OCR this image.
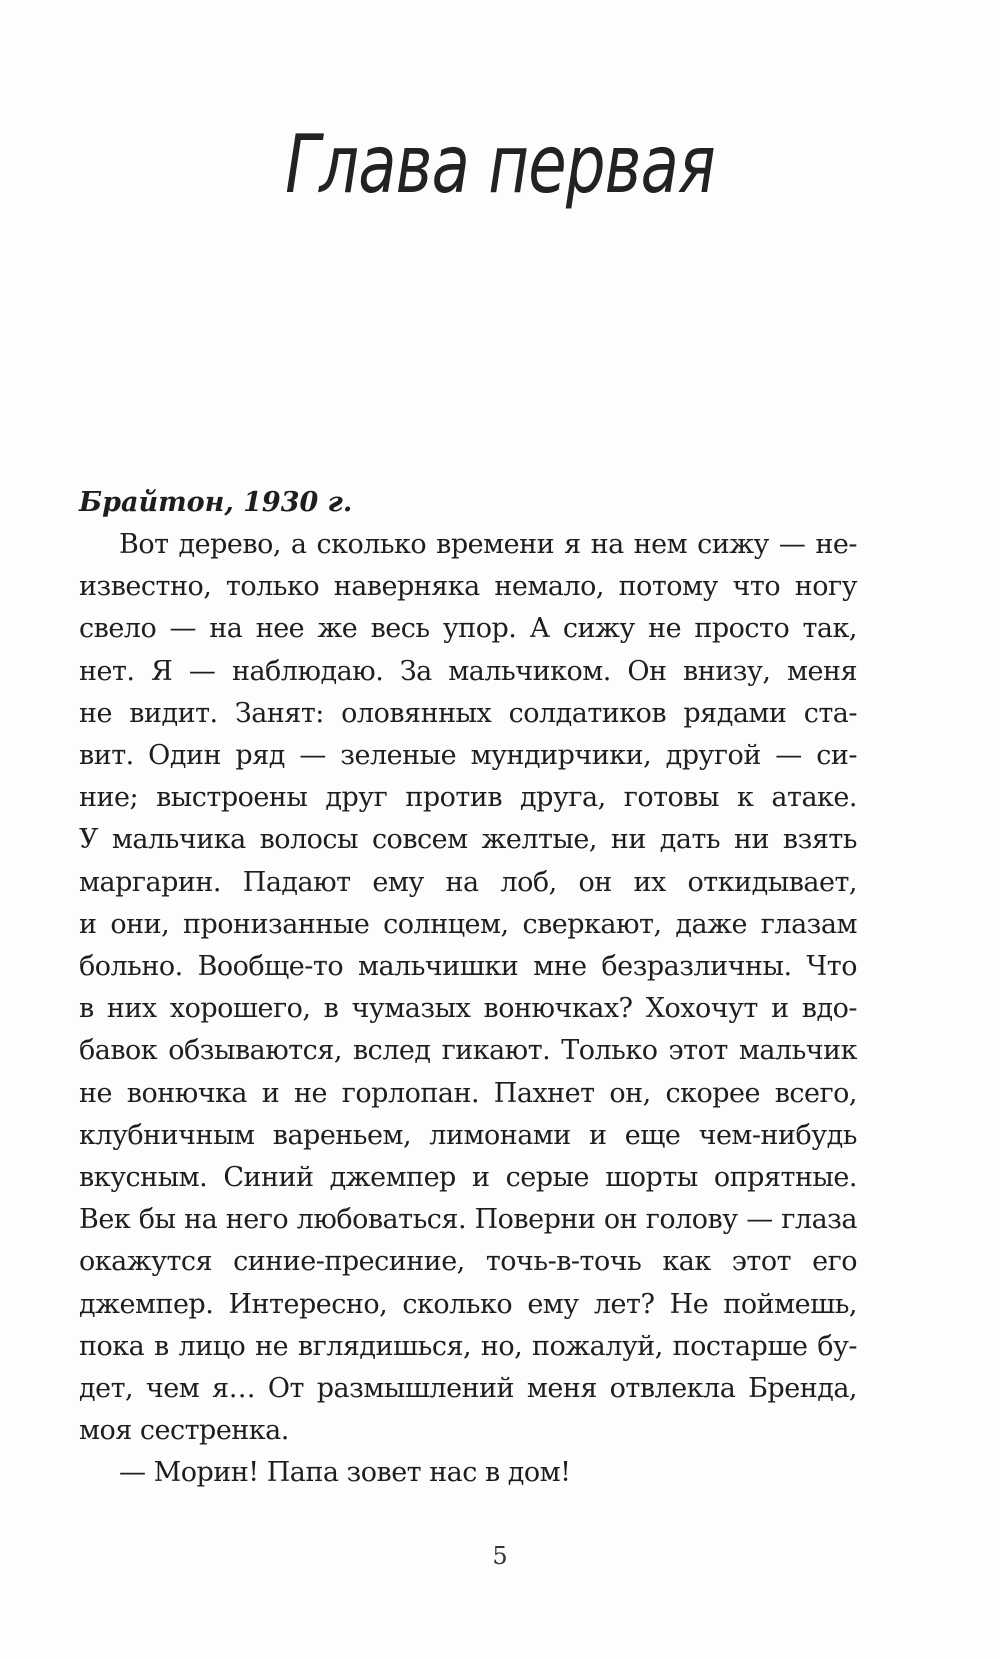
Глава первая
Брайтон, 1930 г.
Вот дерево, а сколько времени я на нем сижу — не-
известно, только наверняка немало, потому что ногу
свело — на нее же весь упор. А сижу не просто так,
нет. Я — наблюдаю. За мальчиком. Он внизу, меня
не видит. Занят: оловянных солдатиков рядами ста-
вит. Один ряд — зеленые мундирчики, другой — си-
ние; выстроены друг против друга, готовы к атаке.
У мальчика волосы совсем желтые, ни дать ни взять
маргарин. Падают ему на лоб, он их откидывает,
и они, пронизанные солнцем, сверкают, даже глазам
больно. Вообще-то мальчишки мне безразличны. Что
в них хорошего, в чумазых вонючках? Хохочут и вдо-
бавок обзываются, вслед гикают. Только этот мальчик
не вонючка и не горлопан. Пахнет он, скорее всего,
клубничным вареньем, лимонами и еще чем-нибудь
вкусным. Синий джемпер и серые шорты опрятные.
Век бы на него любоваться. Поверни он голову — глаза
окажутся синие-пресиние, точь-в-точь как этот его
джемпер. Интересно, сколько ему лет? Не поймешь,
пока в лицо не вглядишься, но, пожалуй, постарше бу-
дет, чем я… От размышлений меня отвлекла Бренда,
моя сестренка.
— Морин! Папа зовет нас в дом!
5
